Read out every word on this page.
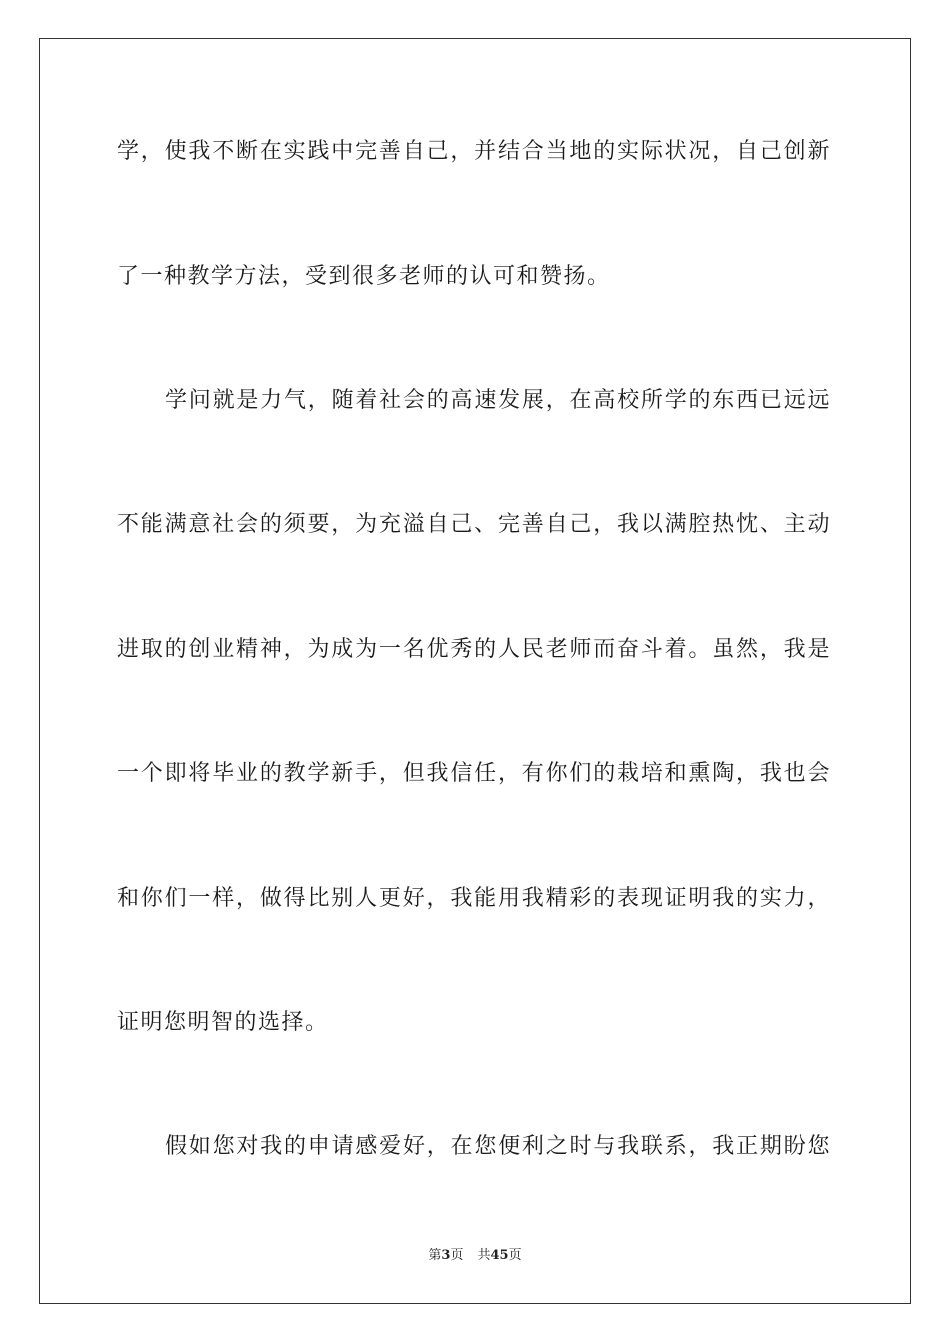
学，使我不断在实践中完善自己，并结合当地的实际状况，自己创新
了一种教学方法，受到很多老师的认可和赞扬。
学问就是力气，随着社会的高速发展，在高校所学的东西已远远
不能满意社会的须要，为充溢自己、完善自己，我以满腔热忱、主动
进取的创业精神，为成为一名优秀的人民老师而奋斗着。虽然，我是
一个即将毕业的教学新手，但我信任，有你们的栽培和熏陶，我也会
和你们一样，做得比别人更好，我能用我精彩的表现证明我的实力，
证明您明智的选择。
假如您对我的申请感爱好，在您便利之时与我联系，我正期盼您
第3页 共45页
